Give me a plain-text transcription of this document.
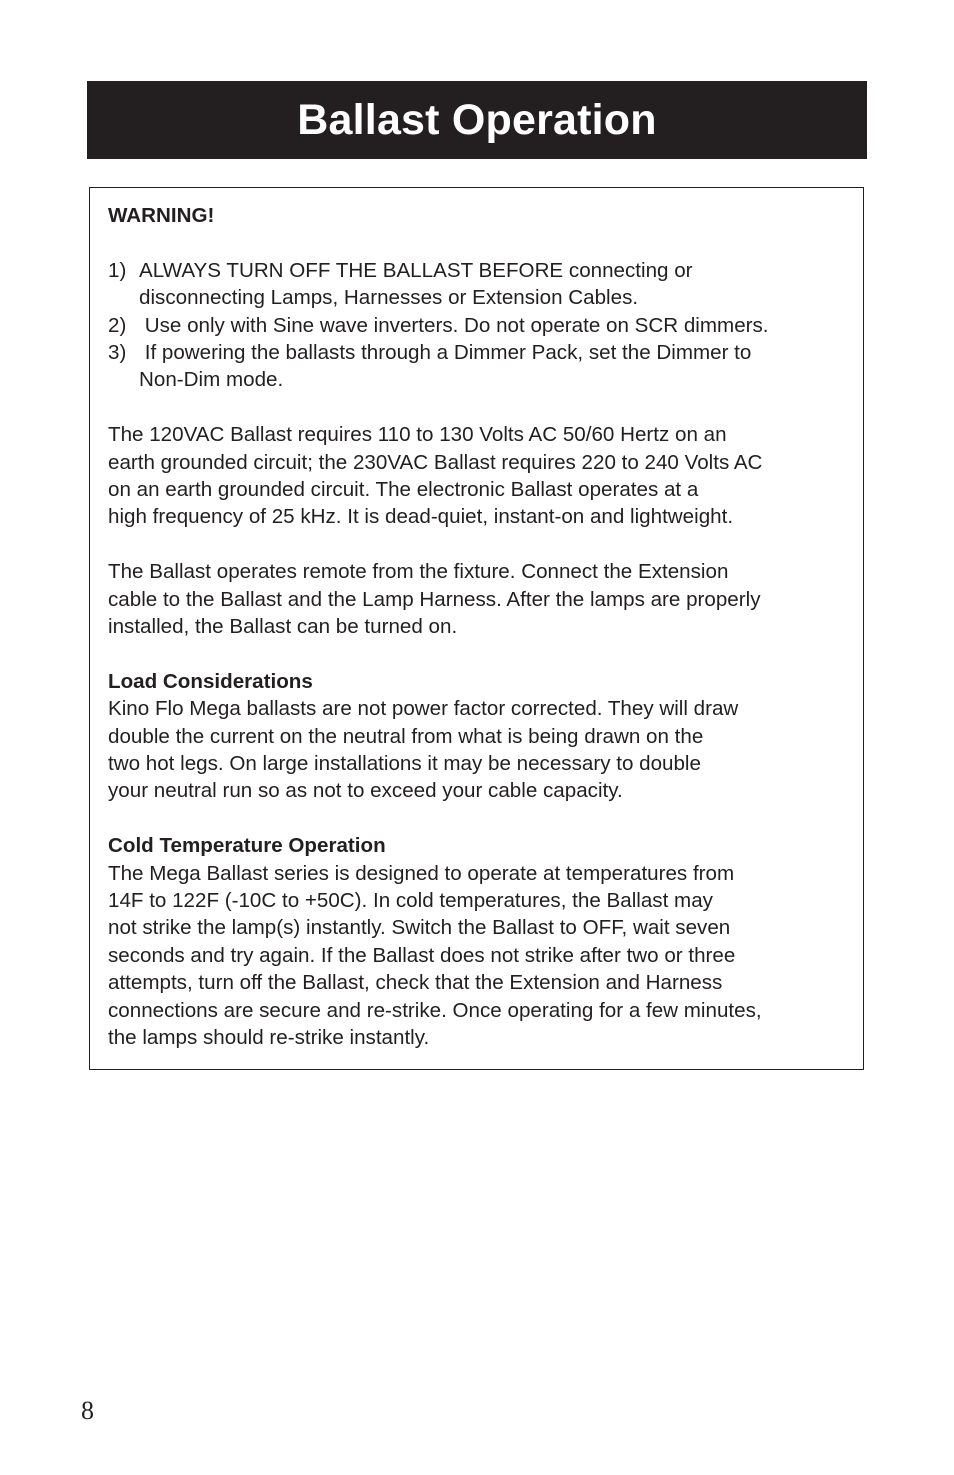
Ballast Operation
WARNING!
1) ALWAYS TURN OFF THE BALLAST BEFORE connecting or
disconnecting Lamps, Harnesses or Extension Cables.
2) Use only with Sine wave inverters. Do not operate on SCR dimmers.
3) If powering the ballasts through a Dimmer Pack, set the Dimmer to
Non-Dim mode.
The 120VAC Ballast requires 110 to 130 Volts AC 50/60 Hertz on an
earth grounded circuit; the 230VAC Ballast requires 220 to 240 Volts AC
on an earth grounded circuit. The electronic Ballast operates at a
high frequency of 25 kHz. It is dead-quiet, instant-on and lightweight.
The Ballast operates remote from the fixture. Connect the Extension
cable to the Ballast and the Lamp Harness. After the lamps are properly
installed, the Ballast can be turned on.
Load Considerations
Kino Flo Mega ballasts are not power factor corrected. They will draw
double the current on the neutral from what is being drawn on the
two hot legs. On large installations it may be necessary to double
your neutral run so as not to exceed your cable capacity.
Cold Temperature Operation
The Mega Ballast series is designed to operate at temperatures from
14F to 122F (-10C to +50C). In cold temperatures, the Ballast may
not strike the lamp(s) instantly. Switch the Ballast to OFF, wait seven
seconds and try again. If the Ballast does not strike after two or three
attempts, turn off the Ballast, check that the Extension and Harness
connections are secure and re-strike. Once operating for a few minutes,
the lamps should re-strike instantly.
8
